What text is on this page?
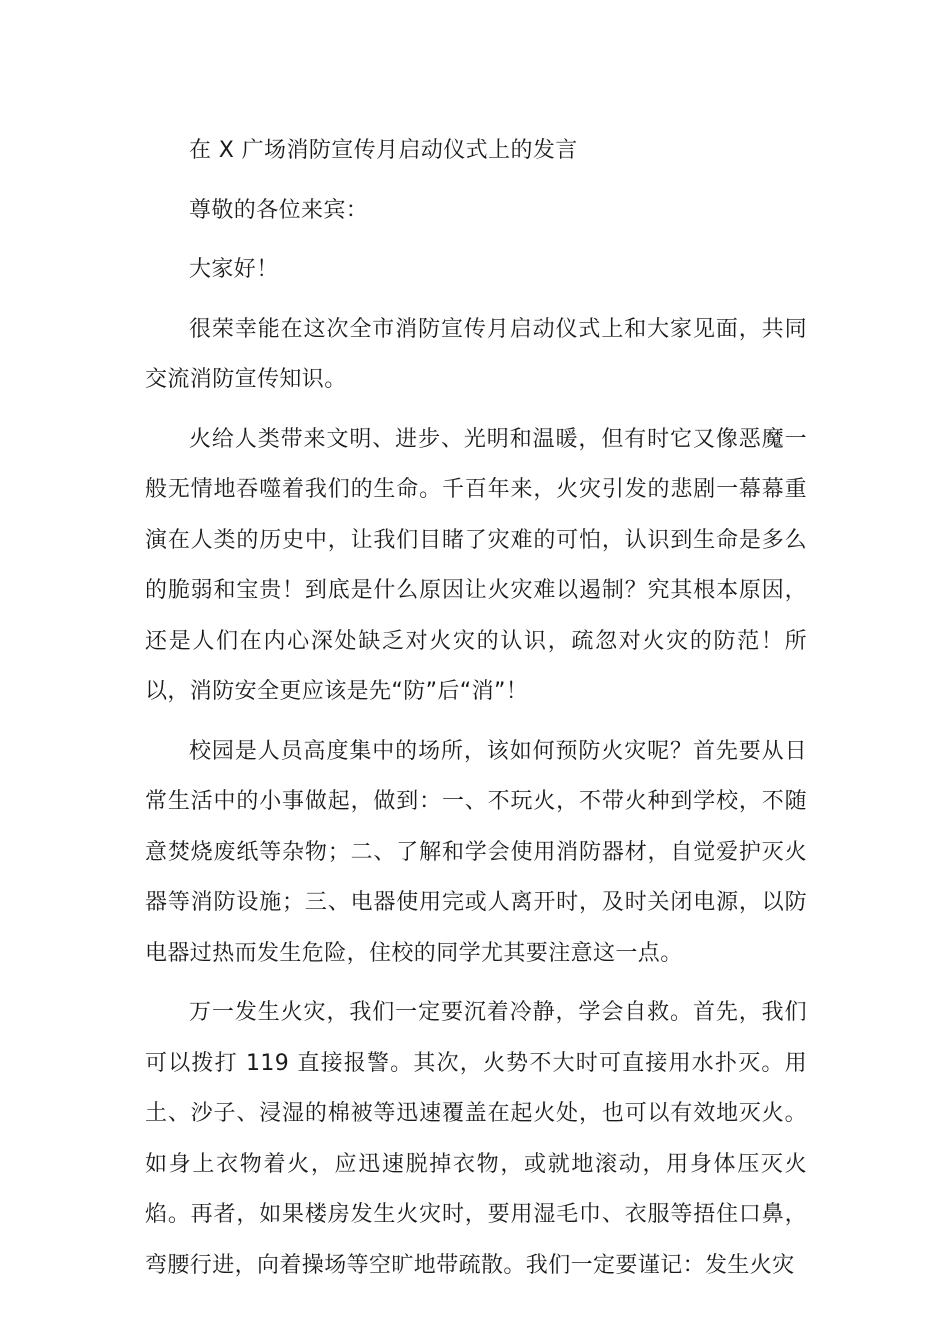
在 X 广场消防宣传月启动仪式上的发言

尊敬的各位来宾：

大家好！

很荣幸能在这次全市消防宣传月启动仪式上和大家见面，共同交流消防宣传知识。

火给人类带来文明、进步、光明和温暖，但有时它又像恶魔一般无情地吞噬着我们的生命。千百年来，火灾引发的悲剧一幕幕重演在人类的历史中，让我们目睹了灾难的可怕，认识到生命是多么的脆弱和宝贵！到底是什么原因让火灾难以遏制？究其根本原因，还是人们在内心深处缺乏对火灾的认识，疏忽对火灾的防范！所以，消防安全更应该是先“防”后“消”！

校园是人员高度集中的场所，该如何预防火灾呢？首先要从日常生活中的小事做起，做到：一、不玩火，不带火种到学校，不随意焚烧废纸等杂物；二、了解和学会使用消防器材，自觉爱护灭火器等消防设施；三、电器使用完或人离开时，及时关闭电源，以防电器过热而发生危险，住校的同学尤其要注意这一点。

万一发生火灾，我们一定要沉着冷静，学会自救。首先，我们可以拨打 119 直接报警。其次，火势不大时可直接用水扑灭。用土、沙子、浸湿的棉被等迅速覆盖在起火处，也可以有效地灭火。如身上衣物着火，应迅速脱掉衣物，或就地滚动，用身体压灭火焰。再者，如果楼房发生火灾时，要用湿毛巾、衣服等捂住口鼻，弯腰行进，向着操场等空旷地带疏散。我们一定要谨记：发生火灾
